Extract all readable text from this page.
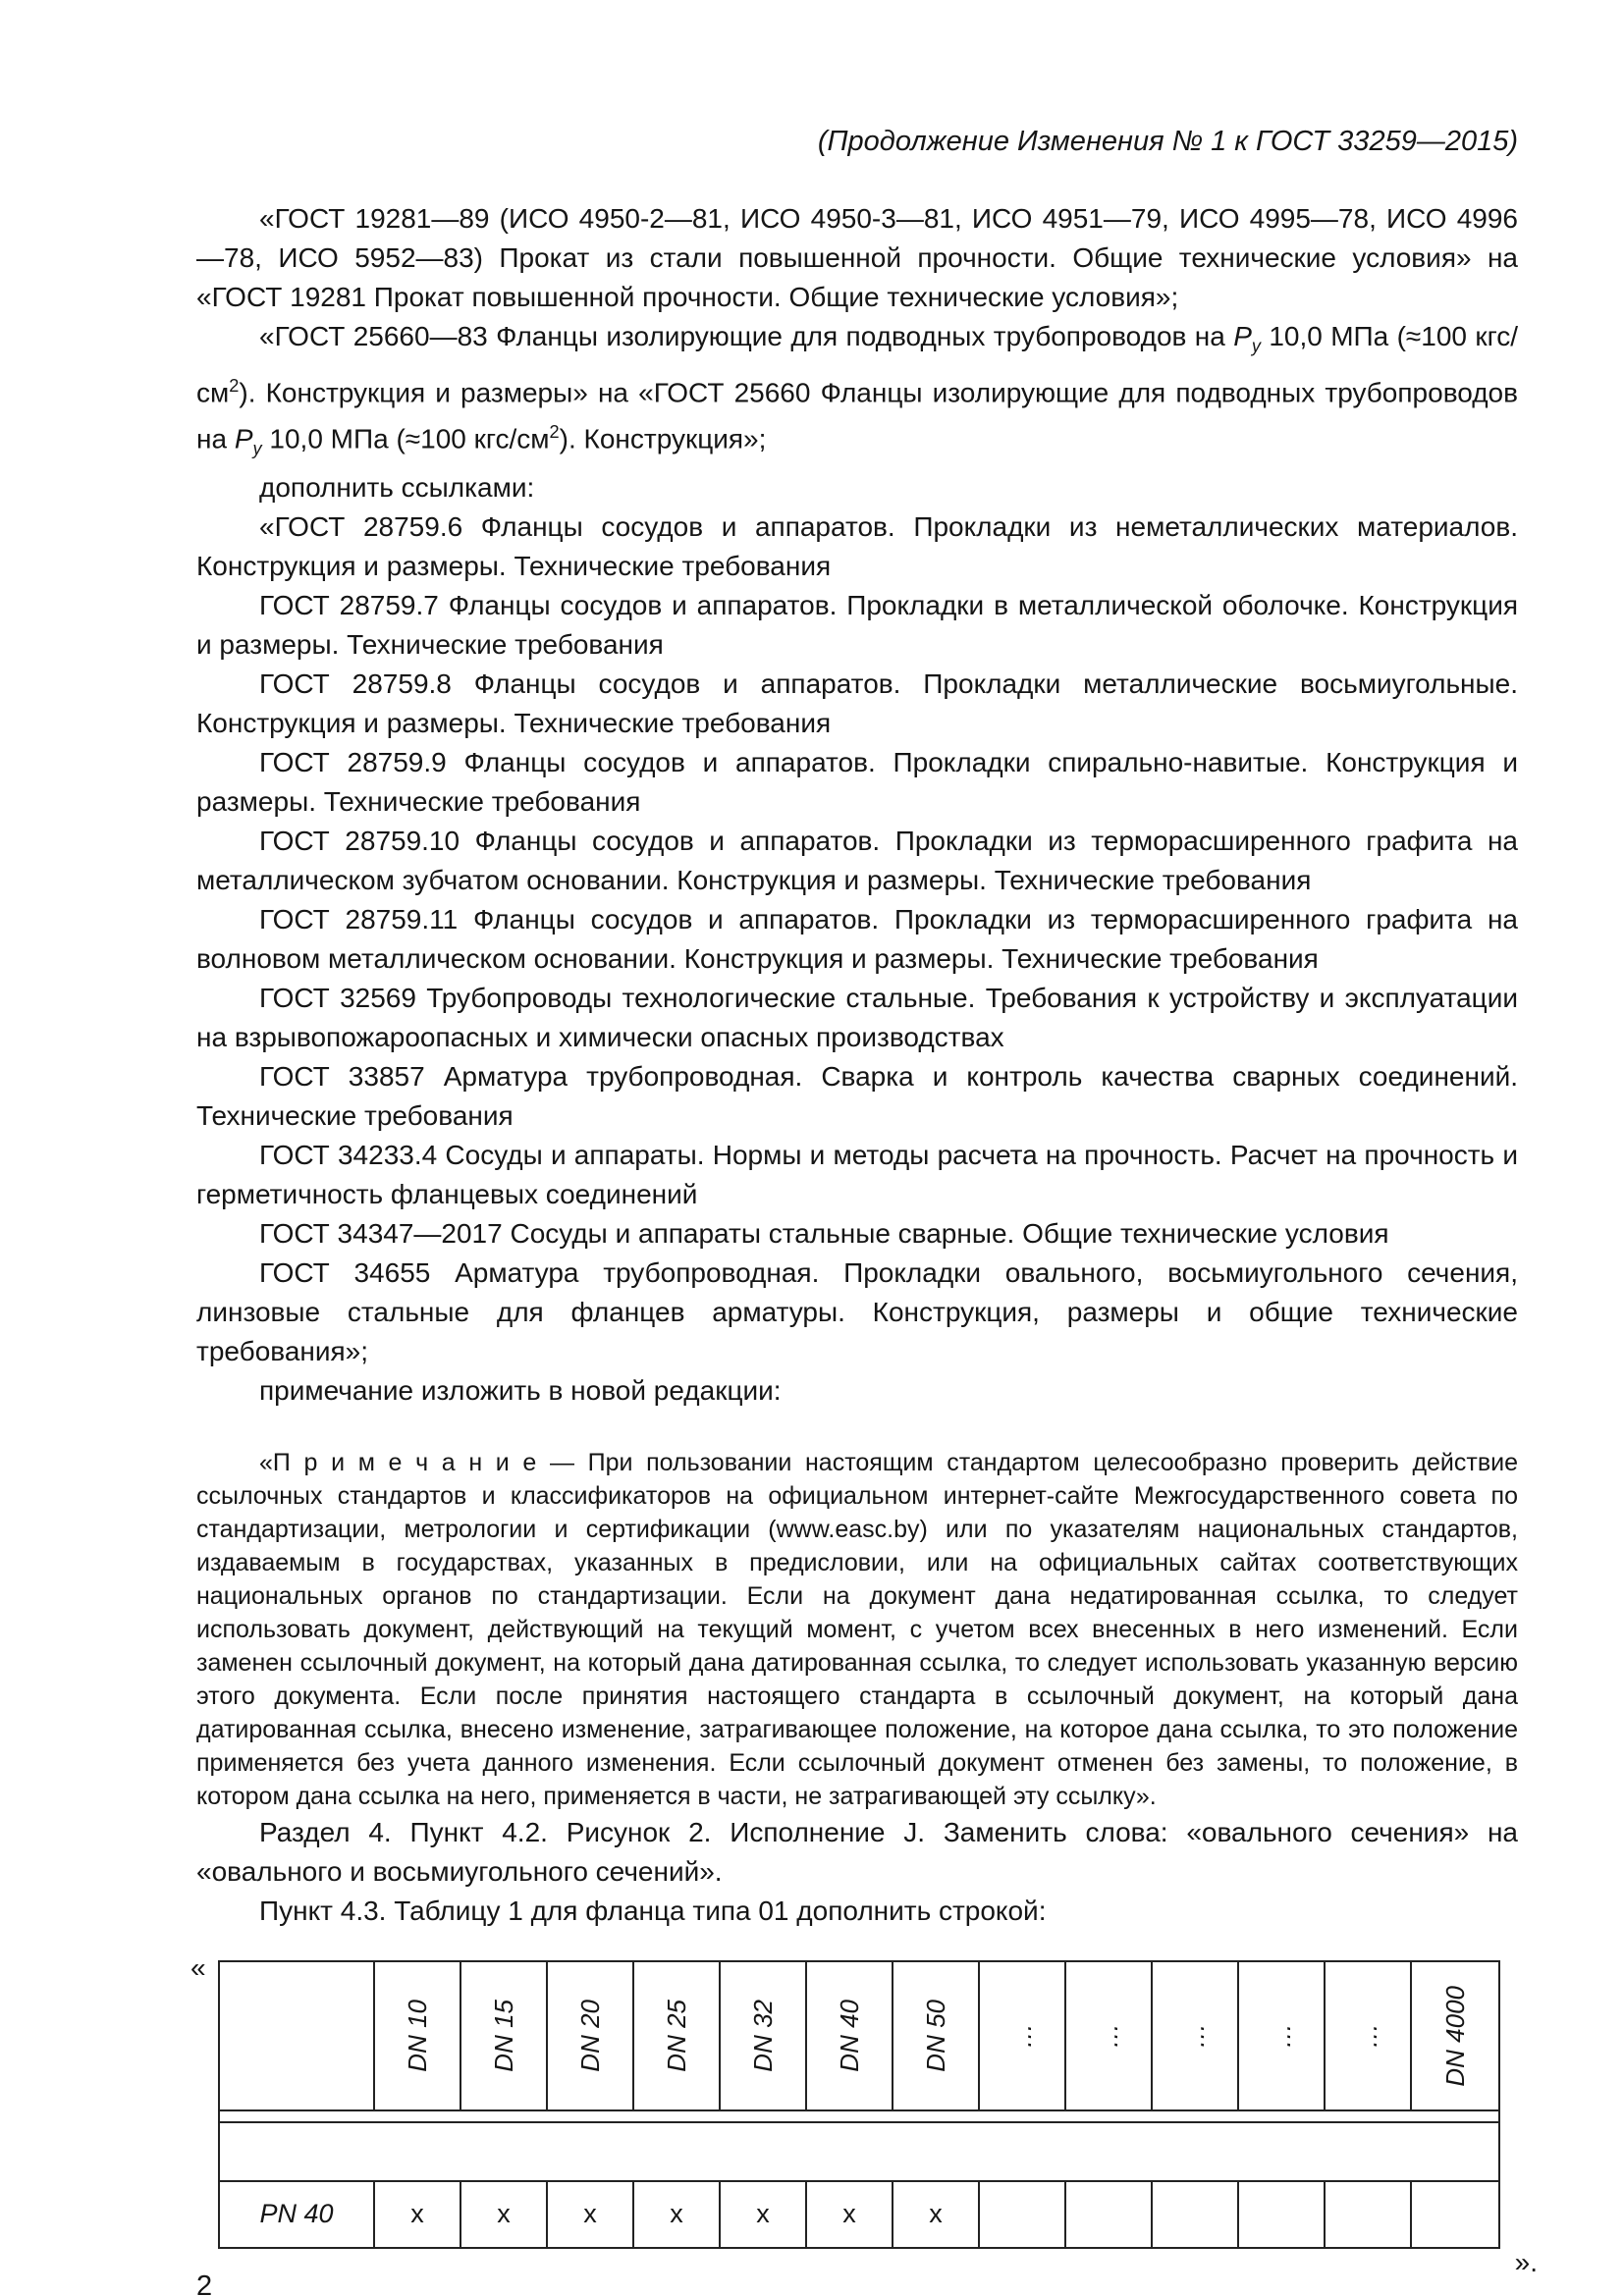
(Продолжение Изменения № 1 к ГОСТ 33259—2015)

«ГОСТ 19281—89 (ИСО 4950-2—81, ИСО 4950-3—81, ИСО 4951—79, ИСО 4995—78, ИСО 4996—78, ИСО 5952—83) Прокат из стали повышенной прочности. Общие технические условия» на «ГОСТ 19281 Прокат повышенной прочности. Общие технические условия»;

«ГОСТ 25660—83 Фланцы изолирующие для подводных трубопроводов на $Р_у$ 10,0 МПа (≈100 кгс/$см^2$). Конструкция и размеры» на «ГОСТ 25660 Фланцы изолирующие для подводных трубопроводов на $Р_у$ 10,0 МПа (≈100 кгс/$см^2$). Конструкция»;

дополнить ссылками:

«ГОСТ 28759.6 Фланцы сосудов и аппаратов. Прокладки из неметаллических материалов. Конструкция и размеры. Технические требования

ГОСТ 28759.7 Фланцы сосудов и аппаратов. Прокладки в металлической оболочке. Конструкция и размеры. Технические требования

ГОСТ 28759.8 Фланцы сосудов и аппаратов. Прокладки металлические восьмиугольные. Конструкция и размеры. Технические требования

ГОСТ 28759.9 Фланцы сосудов и аппаратов. Прокладки спирально-навитые. Конструкция и размеры. Технические требования

ГОСТ 28759.10 Фланцы сосудов и аппаратов. Прокладки из терморасширенного графита на металлическом зубчатом основании. Конструкция и размеры. Технические требования

ГОСТ 28759.11 Фланцы сосудов и аппаратов. Прокладки из терморасширенного графита на волновом металлическом основании. Конструкция и размеры. Технические требования

ГОСТ 32569 Трубопроводы технологические стальные. Требования к устройству и эксплуатации на взрывопожароопасных и химически опасных производствах

ГОСТ 33857 Арматура трубопроводная. Сварка и контроль качества сварных соединений. Технические требования

ГОСТ 34233.4 Сосуды и аппараты. Нормы и методы расчета на прочность. Расчет на прочность и герметичность фланцевых соединений

ГОСТ 34347—2017 Сосуды и аппараты стальные сварные. Общие технические условия

ГОСТ 34655 Арматура трубопроводная. Прокладки овального, восьмиугольного сечения, линзовые стальные для фланцев арматуры. Конструкция, размеры и общие технические требования»;

примечание изложить в новой редакции:

«П р и м е ч а н и е — При пользовании настоящим стандартом целесообразно проверить действие ссылочных стандартов и классификаторов на официальном интернет-сайте Межгосударственного совета по стандартизации, метрологии и сертификации (www.easc.by) или по указателям национальных стандартов, издаваемым в государствах, указанных в предисловии, или на официальных сайтах соответствующих национальных органов по стандартизации. Если на документ дана недатированная ссылка, то следует использовать документ, действующий на текущий момент, с учетом всех внесенных в него изменений. Если заменен ссылочный документ, на который дана датированная ссылка, то следует использовать указанную версию этого документа. Если после принятия настоящего стандарта в ссылочный документ, на который дана датированная ссылка, внесено изменение, затрагивающее положение, на которое дана ссылка, то это положение применяется без учета данного изменения. Если ссылочный документ отменен без замены, то положение, в котором дана ссылка на него, применяется в части, не затрагивающей эту ссылку».

Раздел 4. Пункт 4.2. Рисунок 2. Исполнение J. Заменить слова: «овального сечения» на «овального и восьмиугольного сечений».

Пункт 4.3. Таблицу 1 для фланца типа 01 дополнить строкой:

«
».
	DN 10	DN 15	DN 20	DN 25	DN 32	DN 40	DN 50	…	…	…	…	…	DN 4000

PN 40	х	х	х	х	х	х	х						
2
